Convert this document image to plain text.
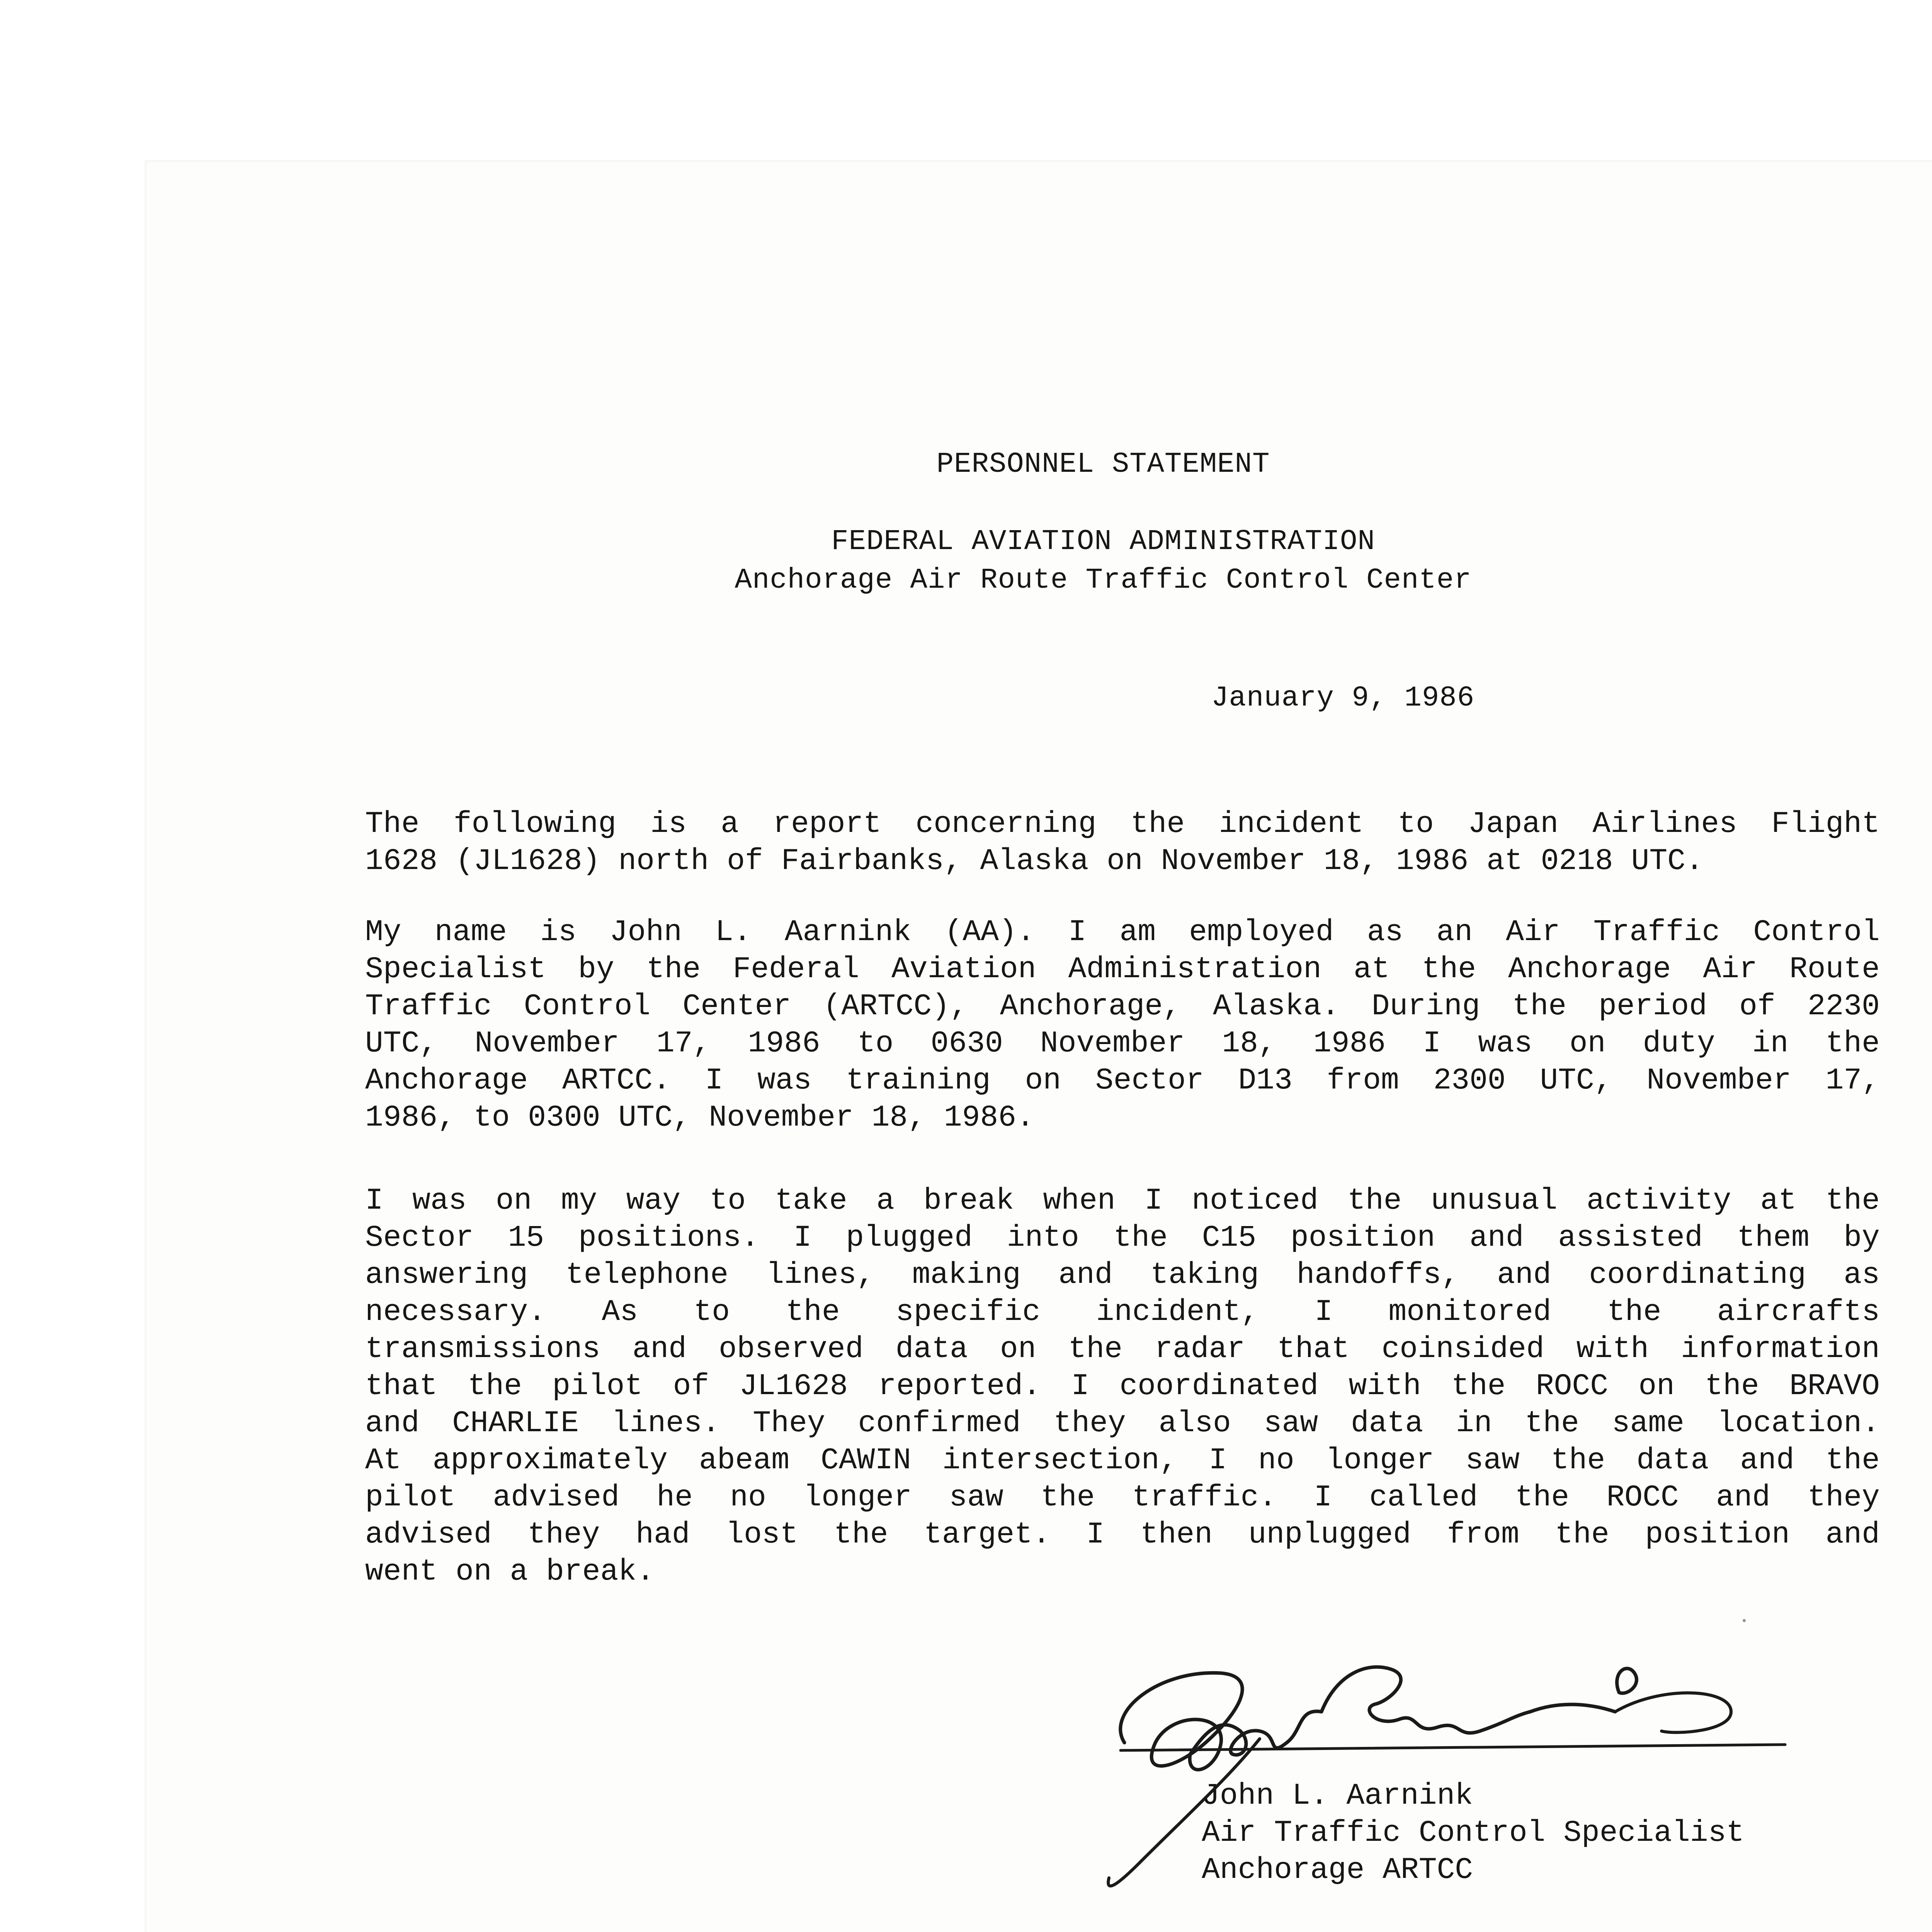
PERSONNEL STATEMENT
FEDERAL AVIATION ADMINISTRATION
Anchorage Air Route Traffic Control Center
January 9, 1986
The following is a report concerning the incident to Japan Airlines Flight
1628 (JL1628) north of Fairbanks, Alaska on November 18, 1986 at 0218 UTC.
My name is John L. Aarnink (AA). I am employed as an Air Traffic Control
Specialist by the Federal Aviation Administration at the Anchorage Air Route
Traffic Control Center (ARTCC), Anchorage, Alaska. During the period of 2230
UTC, November 17, 1986 to 0630 November 18, 1986 I was on duty in the
Anchorage ARTCC. I was training on Sector D13 from 2300 UTC, November 17,
1986, to 0300 UTC, November 18, 1986.
I was on my way to take a break when I noticed the unusual activity at the
Sector 15 positions. I plugged into the C15 position and assisted them by
answering telephone lines, making and taking handoffs, and coordinating as
necessary. As to the specific incident, I monitored the aircrafts
transmissions and observed data on the radar that coinsided with information
that the pilot of JL1628 reported. I coordinated with the ROCC on the BRAVO
and CHARLIE lines. They confirmed they also saw data in the same location.
At approximately abeam CAWIN intersection, I no longer saw the data and the
pilot advised he no longer saw the traffic. I called the ROCC and they
advised they had lost the target. I then unplugged from the position and
went on a break.
John L. Aarnink
Air Traffic Control Specialist
Anchorage ARTCC
